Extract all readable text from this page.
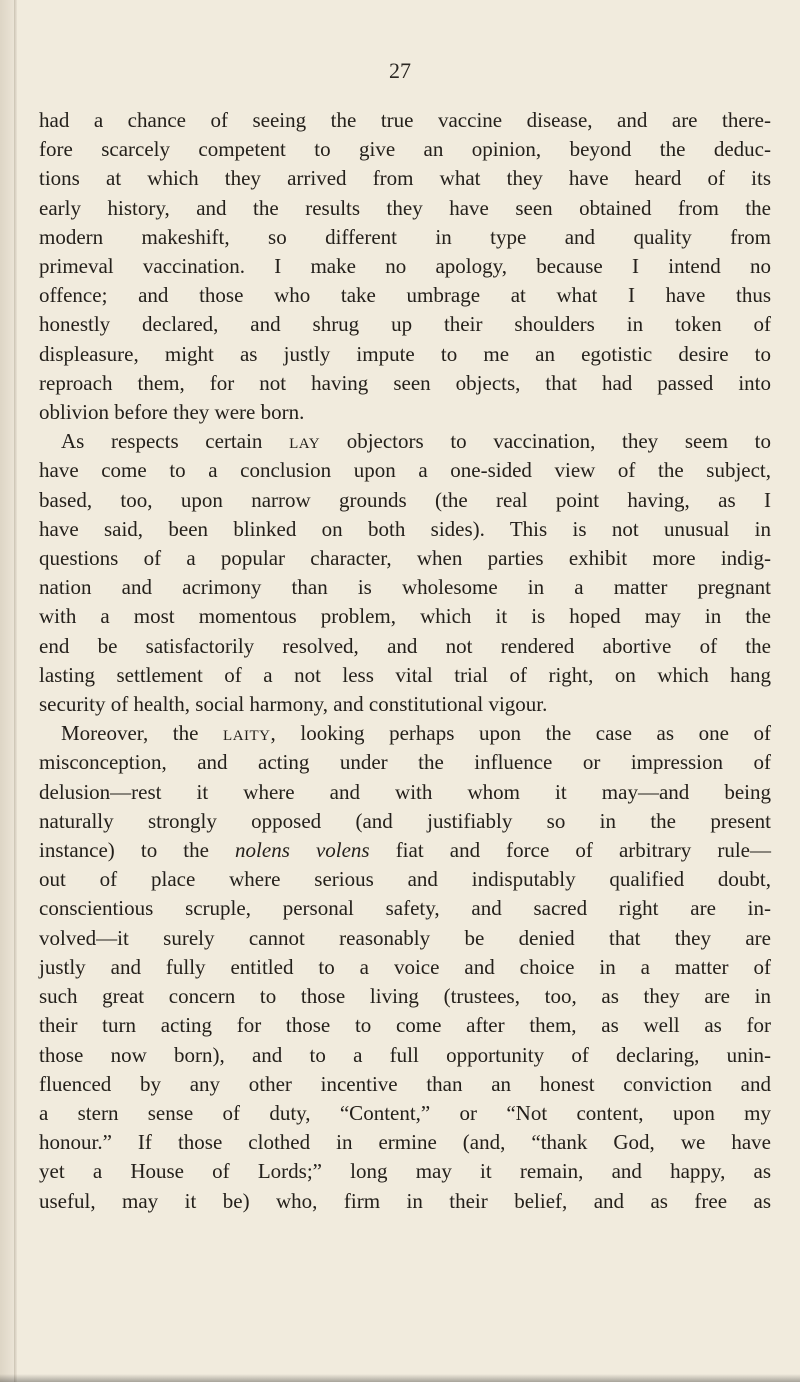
27
had a chance of seeing the true vaccine disease, and are there-
fore scarcely competent to give an opinion, beyond the deduc-
tions at which they arrived from what they have heard of its
early history, and the results they have seen obtained from the
modern makeshift, so different in type and quality from
primeval vaccination. I make no apology, because I intend no
offence; and those who take umbrage at what I have thus
honestly declared, and shrug up their shoulders in token of
displeasure, might as justly impute to me an egotistic desire to
reproach them, for not having seen objects, that had passed into
oblivion before they were born.
As respects certain lay objectors to vaccination, they seem to
have come to a conclusion upon a one-sided view of the subject,
based, too, upon narrow grounds (the real point having, as I
have said, been blinked on both sides). This is not unusual in
questions of a popular character, when parties exhibit more indig-
nation and acrimony than is wholesome in a matter pregnant
with a most momentous problem, which it is hoped may in the
end be satisfactorily resolved, and not rendered abortive of the
lasting settlement of a not less vital trial of right, on which hang
security of health, social harmony, and constitutional vigour.
Moreover, the laity, looking perhaps upon the case as one of
misconception, and acting under the influence or impression of
delusion—rest it where and with whom it may—and being
naturally strongly opposed (and justifiably so in the present
instance) to the nolens volens fiat and force of arbitrary rule—
out of place where serious and indisputably qualified doubt,
conscientious scruple, personal safety, and sacred right are in-
volved—it surely cannot reasonably be denied that they are
justly and fully entitled to a voice and choice in a matter of
such great concern to those living (trustees, too, as they are in
their turn acting for those to come after them, as well as for
those now born), and to a full opportunity of declaring, unin-
fluenced by any other incentive than an honest conviction and
a stern sense of duty, “Content,” or “Not content, upon my
honour.” If those clothed in ermine (and, “thank God, we have
yet a House of Lords;” long may it remain, and happy, as
useful, may it be) who, firm in their belief, and as free as
